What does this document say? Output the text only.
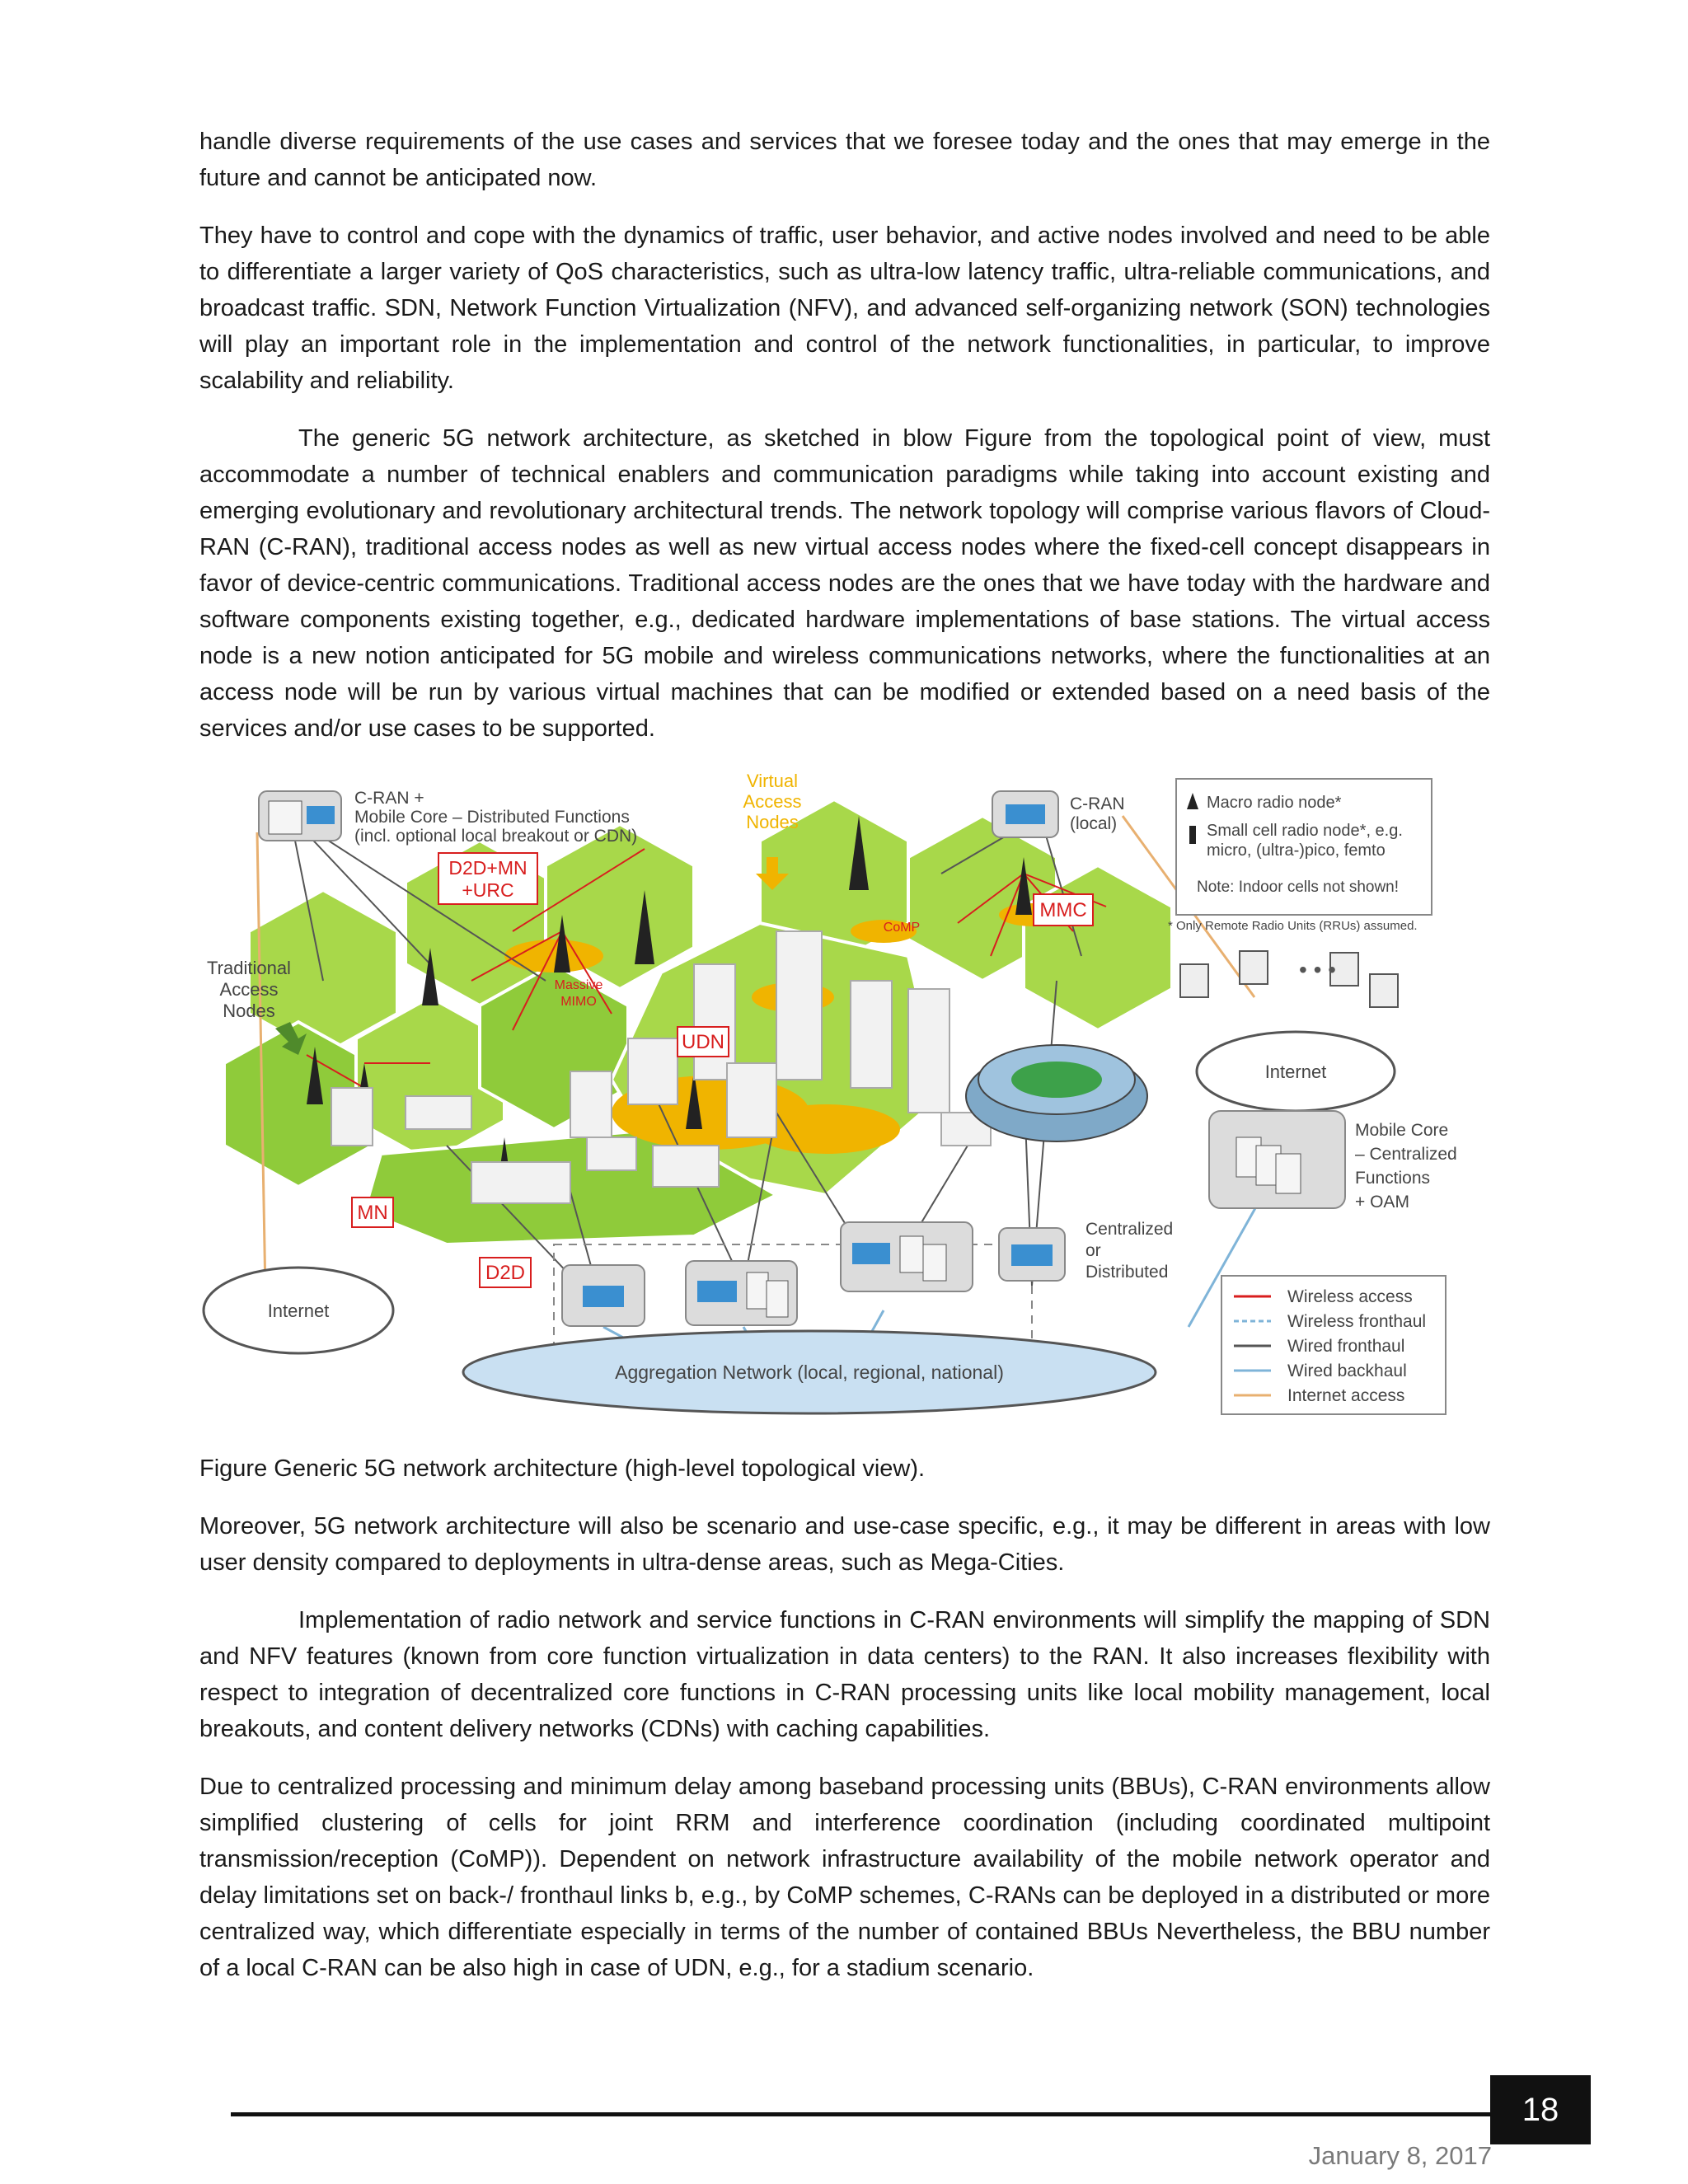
handle diverse requirements of the use cases and services that we foresee today and the ones that may emerge in the future and cannot be anticipated now.

They have to control and cope with the dynamics of traffic, user behavior, and active nodes involved and need to be able to differentiate a larger variety of QoS characteristics, such as ultra-low latency traffic, ultra-reliable communications, and broadcast traffic. SDN, Network Function Virtualization (NFV), and advanced self-organizing network (SON) technologies will play an important role in the implementation and control of the network functionalities, in particular, to improve scalability and reliability.

The generic 5G network architecture, as sketched in blow Figure from the topological point of view, must accommodate a number of technical enablers and communication paradigms while taking into account existing and emerging evolutionary and revolutionary architectural trends. The network topology will comprise various flavors of Cloud-RAN (C-RAN), traditional access nodes as well as new virtual access nodes where the fixed-cell concept disappears in favor of device-centric communications. Traditional access nodes are the ones that we have today with the hardware and software components existing together, e.g., dedicated hardware implementations of base stations. The virtual access node is a new notion anticipated for 5G mobile and wireless communications networks, where the functionalities at an access node will be run by various virtual machines that can be modified or extended based on a need basis of the services and/or use cases to be supported.

C-RAN +
Mobile Core – Distributed Functions
(incl. optional local breakout or CDN)
Virtual
Access
Nodes
C-RAN
(local)
Macro radio node*
Small cell radio node*, e.g.
micro, (ultra-)pico, femto
Note: Indoor cells not shown!
* Only Remote Radio Units (RRUs) assumed.
D2D+MN
+URC
CoMP
MMC
Massive
MIMO
UDN
MN
D2D
Traditional
Access
Nodes
• • •
Internet
Mobile Core
– Centralized
Functions
+ OAM
Centralized
or
Distributed
Internet
Aggregation Network (local, regional, national)
Wireless access
Wireless fronthaul
Wired fronthaul
Wired backhaul
Internet access
Figure Generic 5G network architecture (high-level topological view).

Moreover, 5G network architecture will also be scenario and use-case specific, e.g., it may be different in areas with low user density compared to deployments in ultra-dense areas, such as Mega-Cities.

Implementation of radio network and service functions in C-RAN environments will simplify the mapping of SDN and NFV features (known from core function virtualization in data centers) to the RAN. It also increases flexibility with respect to integration of decentralized core functions in C-RAN processing units like local mobility management, local breakouts, and content delivery networks (CDNs) with caching capabilities.

Due to centralized processing and minimum delay among baseband processing units (BBUs), C-RAN environments allow simplified clustering of cells for joint RRM and interference coordination (including coordinated multipoint transmission/reception (CoMP)). Dependent on network infrastructure availability of the mobile network operator and delay limitations set on back-/ fronthaul links b, e.g., by CoMP schemes, C-RANs can be deployed in a distributed or more centralized way, which differentiate especially in terms of the number of contained BBUs Nevertheless, the BBU number of a local C-RAN can be also high in case of UDN, e.g., for a stadium scenario.

18
January 8, 2017
